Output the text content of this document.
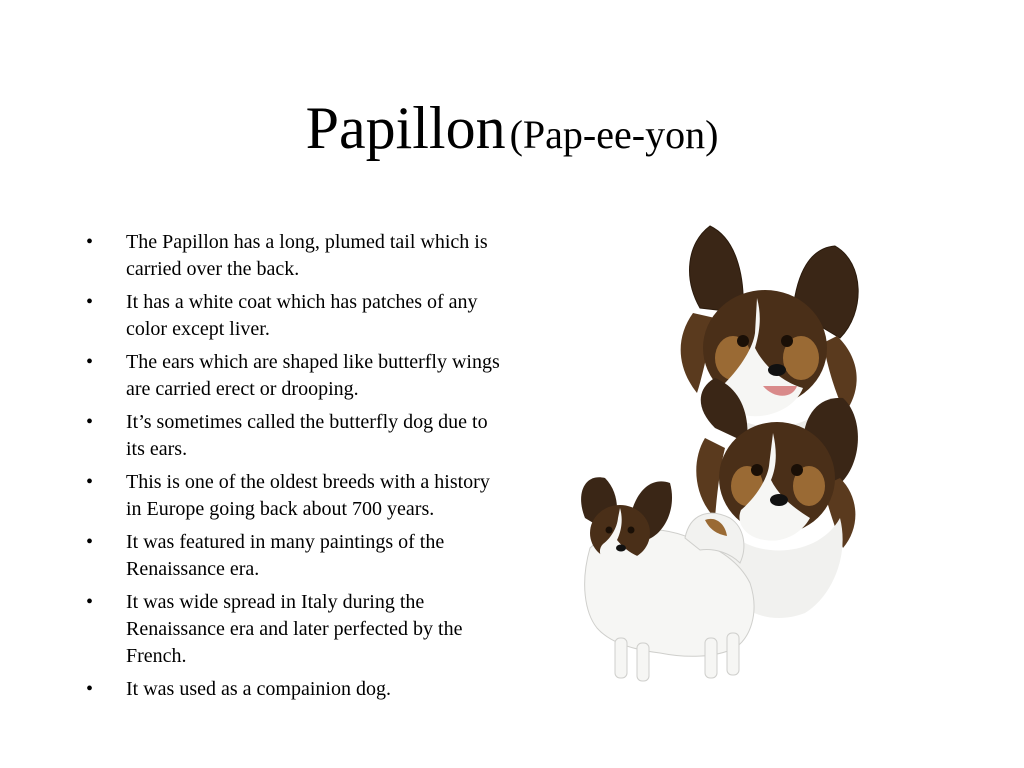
Papillon (Pap-ee-yon)
• The Papillon has a long, plumed tail which is carried over the back.
• It has a white coat which has patches of any color except liver.
• The ears which are shaped like butterfly wings are carried erect or drooping.
• It’s sometimes called the butterfly dog due to its ears.
• This is one of the oldest breeds with a history in Europe going back about 700 years.
• It was featured in many paintings of the Renaissance era.
• It was wide spread in Italy during the Renaissance era and later perfected by the French.
• It was used as a compainion dog.
